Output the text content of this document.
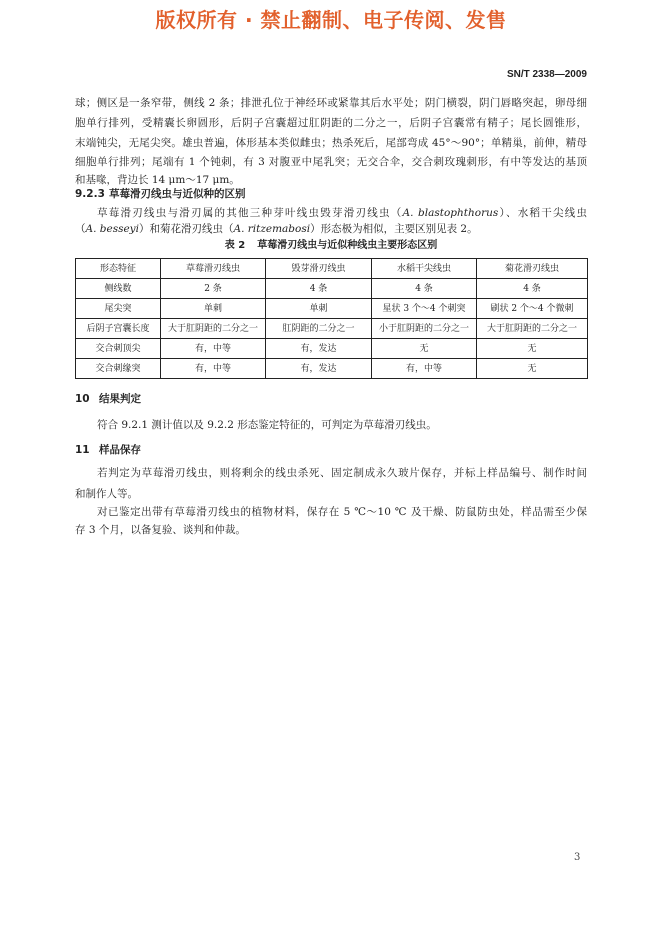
版权所有 · 禁止翻制、电子传阅、发售
SN/T 2338—2009
球；侧区是一条窄带，侧线 2 条；排泄孔位于神经环或紧靠其后水平处；阴门横裂，阴门唇略突起，卵母细
胞单行排列，受精囊长卵圆形，后阴子宫囊超过肛阴距的二分之一，后阴子宫囊常有精子；尾长圆锥形，
末端钝尖，无尾尖突。雄虫普遍，体形基本类似雌虫；热杀死后，尾部弯成 45°～90°；单精巢，前伸，精母
细胞单行排列；尾端有 1 个钝刺，有 3 对腹亚中尾乳突；无交合伞，交合刺玫瑰刺形，有中等发达的基顶
和基喙，背边长 14 μm～17 μm。
9.2.3 草莓滑刃线虫与近似种的区别
草莓滑刃线虫与滑刃属的其他三种芽叶线虫毁芽滑刃线虫（A. blastophthorus）、水稻干尖线虫
（A. besseyi）和菊花滑刃线虫（A. ritzemabosi）形态极为相似，主要区别见表 2。
表 2 草莓滑刃线虫与近似种线虫主要形态区别
形态特征	草莓滑刃线虫	毁芽滑刃线虫	水稻干尖线虫	菊花滑刃线虫
侧线数	2 条	4 条	4 条	4 条
尾尖突	单刺	单刺	星状 3 个～4 个刺突	刷状 2 个～4 个微刺
后阴子宫囊长度	大于肛阴距的二分之一	肛阴距的二分之一	小于肛阴距的二分之一	大于肛阴距的二分之一
交合刺顶尖	有，中等	有，发达	无	无
交合刺缘突	有，中等	有，发达	有，中等	无
10 结果判定
符合 9.2.1 测计值以及 9.2.2 形态鉴定特征的，可判定为草莓滑刃线虫。
11 样品保存
若判定为草莓滑刃线虫，则将剩余的线虫杀死、固定制成永久玻片保存，并标上样品编号、制作时间
和制作人等。
对已鉴定出带有草莓滑刃线虫的植物材料，保存在 5 ℃～10 ℃ 及干燥、防鼠防虫处，样品需至少保
存 3 个月，以备复验、谈判和仲裁。
3
